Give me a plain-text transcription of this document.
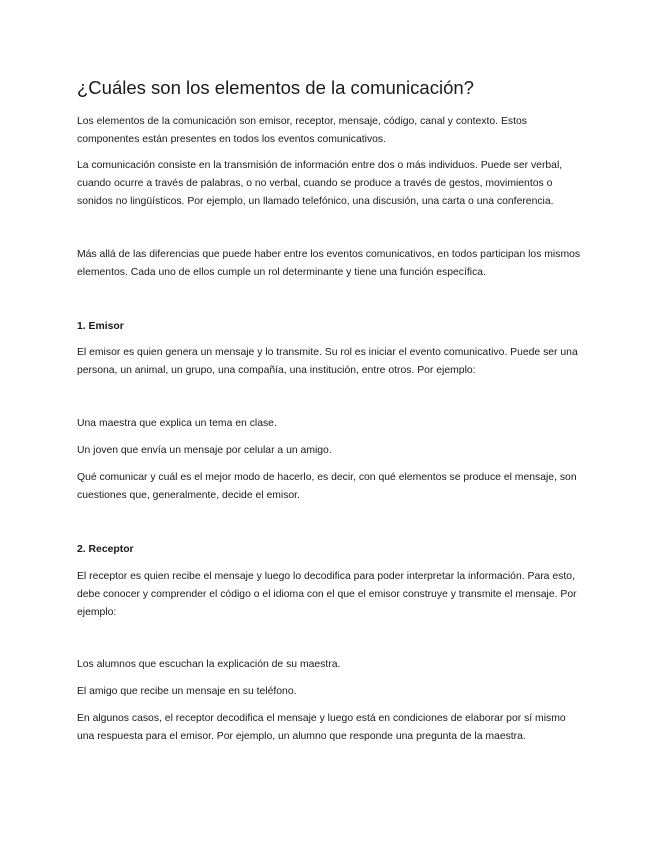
¿Cuáles son los elementos de la comunicación?

Los elementos de la comunicación son emisor, receptor, mensaje, código, canal y contexto. Estos componentes están presentes en todos los eventos comunicativos.

La comunicación consiste en la transmisión de información entre dos o más individuos. Puede ser verbal, cuando ocurre a través de palabras, o no verbal, cuando se produce a través de gestos, movimientos o sonidos no lingüísticos. Por ejemplo, un llamado telefónico, una discusión, una carta o una conferencia.

Más allá de las diferencias que puede haber entre los eventos comunicativos, en todos participan los mismos elementos. Cada uno de ellos cumple un rol determinante y tiene una función específica.

1. Emisor

El emisor es quien genera un mensaje y lo transmite. Su rol es iniciar el evento comunicativo. Puede ser una persona, un animal, un grupo, una compañía, una institución, entre otros. Por ejemplo:

Una maestra que explica un tema en clase.

Un joven que envía un mensaje por celular a un amigo.

Qué comunicar y cuál es el mejor modo de hacerlo, es decir, con qué elementos se produce el mensaje, son cuestiones que, generalmente, decide el emisor.

2. Receptor

El receptor es quien recibe el mensaje y luego lo decodifica para poder interpretar la información. Para esto, debe conocer y comprender el código o el idioma con el que el emisor construye y transmite el mensaje. Por ejemplo:

Los alumnos que escuchan la explicación de su maestra.

El amigo que recibe un mensaje en su teléfono.

En algunos casos, el receptor decodifica el mensaje y luego está en condiciones de elaborar por sí mismo una respuesta para el emisor. Por ejemplo, un alumno que responde una pregunta de la maestra.
